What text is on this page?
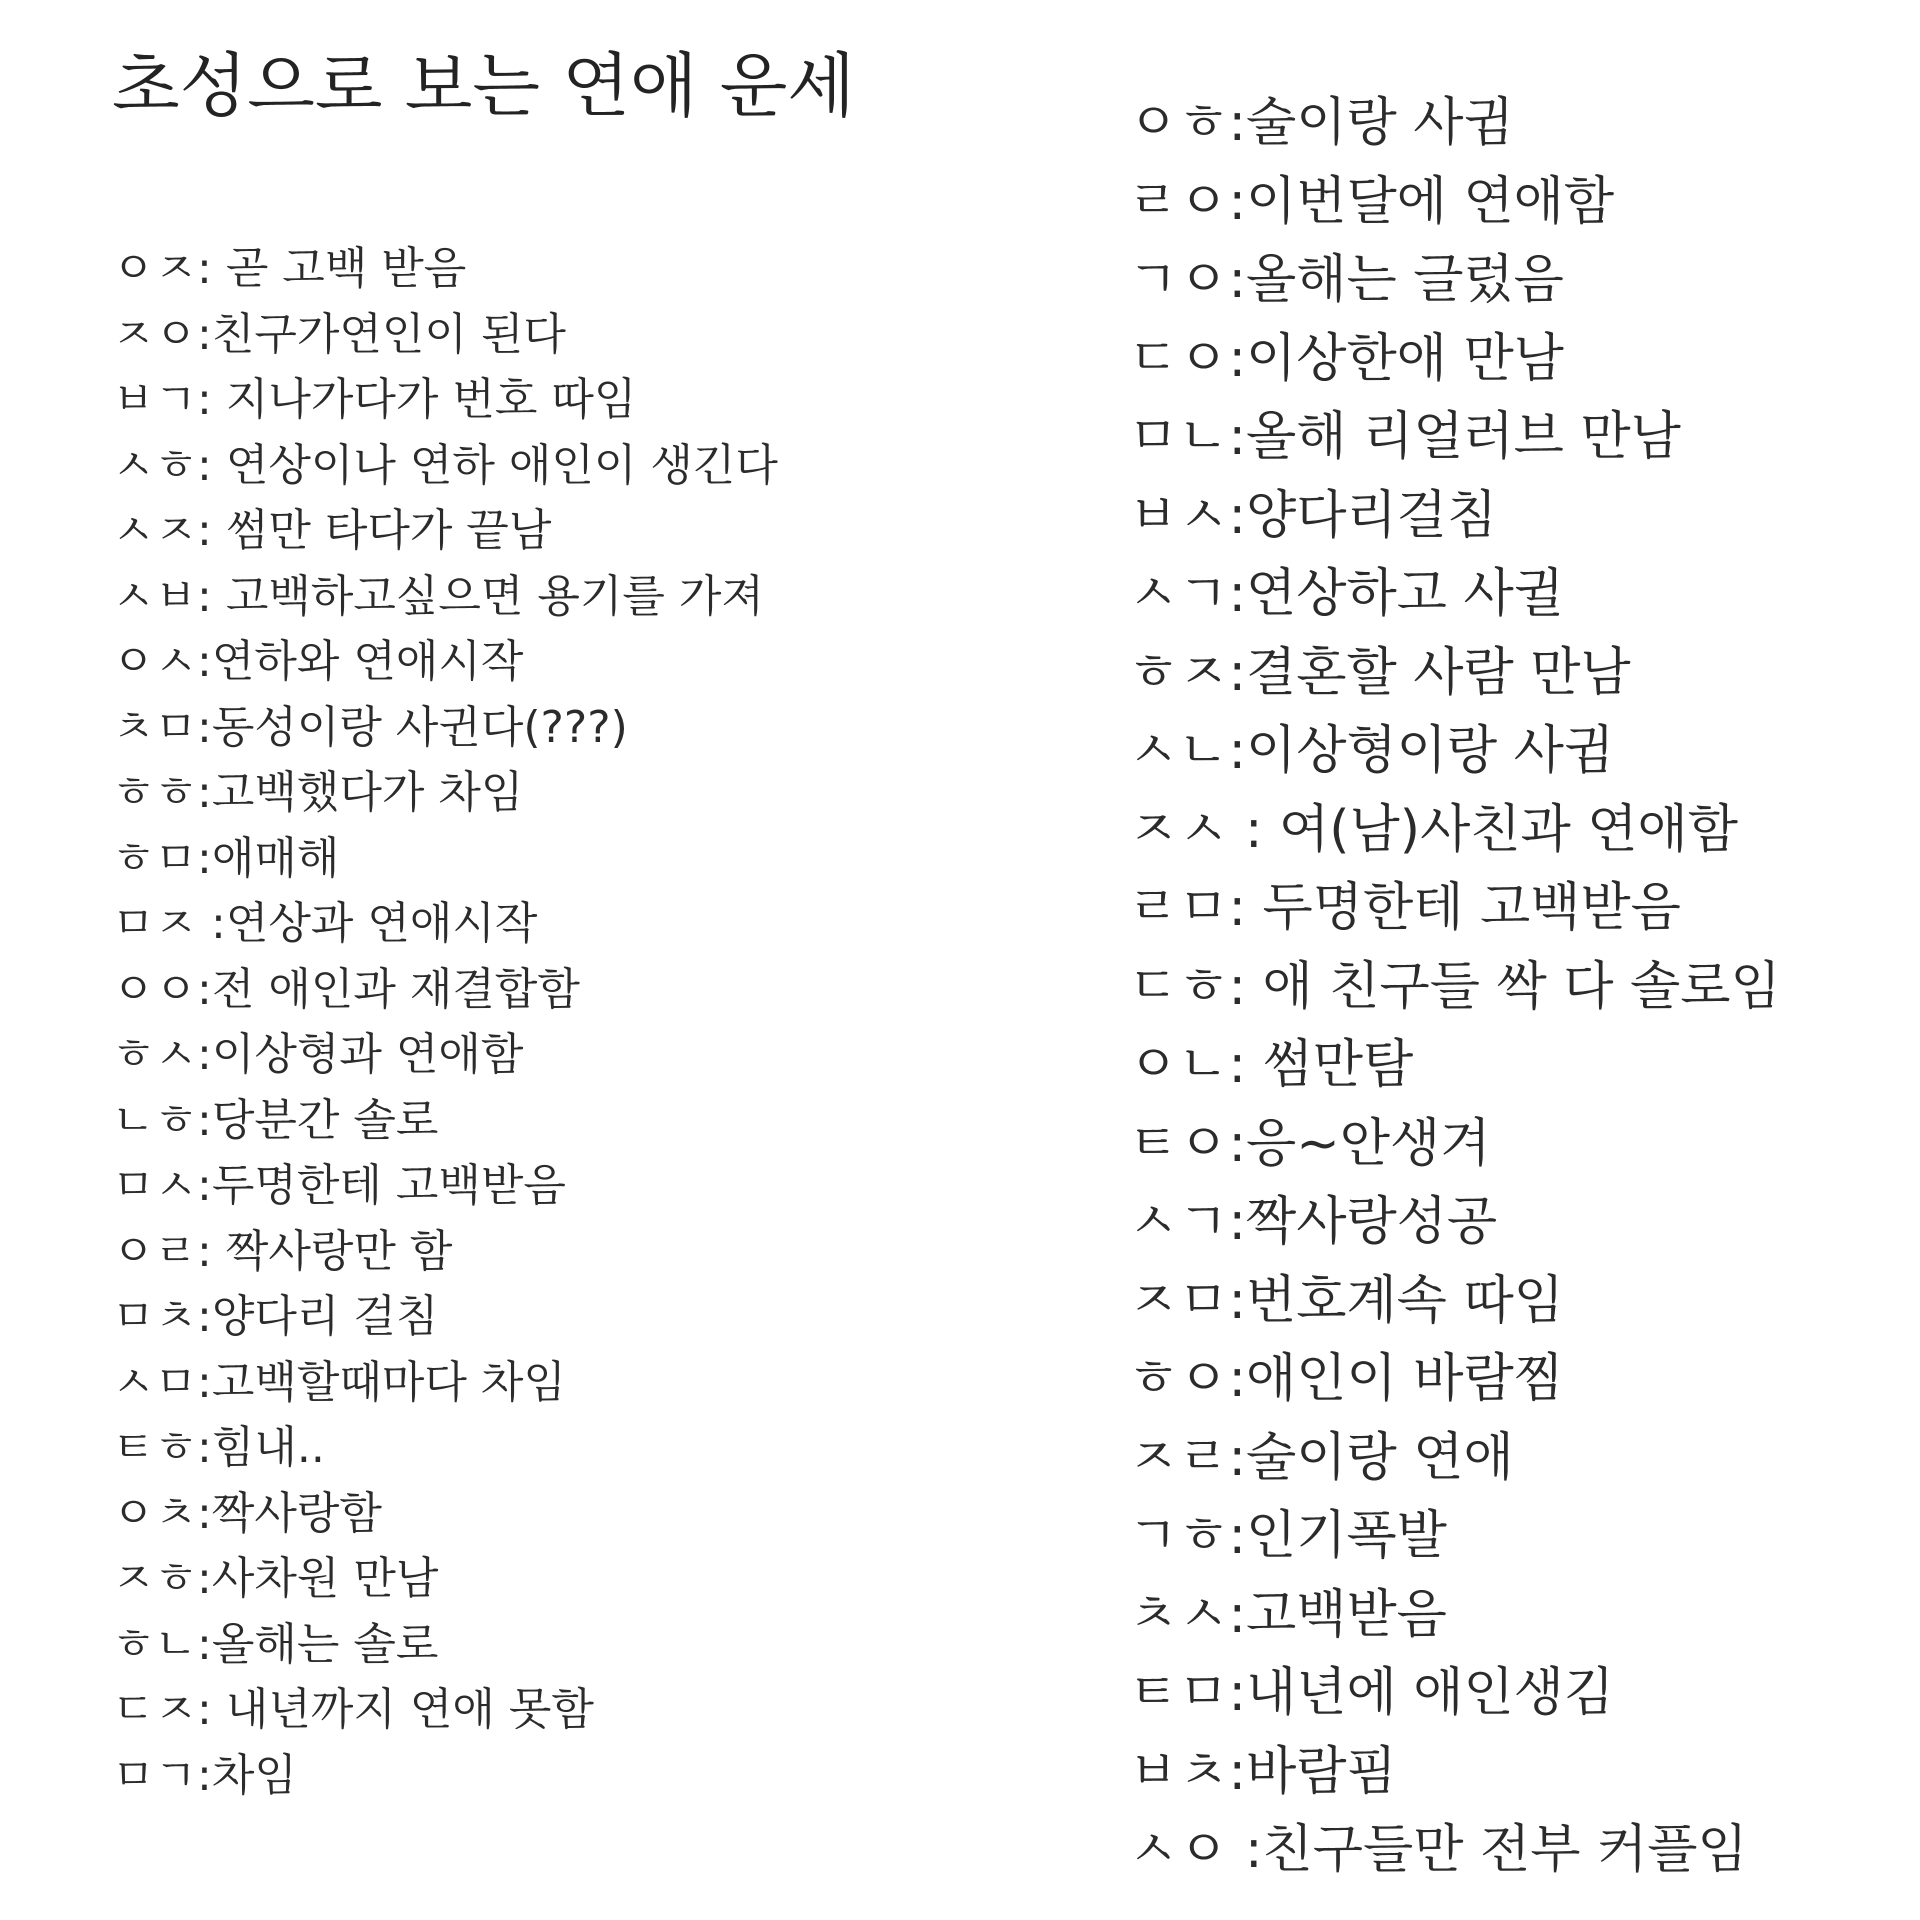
초성으로 보는 연애 운세
ㅇㅈ: 곧 고백 받음
ㅈㅇ:친구가연인이 된다
ㅂㄱ: 지나가다가 번호 따임
ㅅㅎ: 연상이나 연하 애인이 생긴다
ㅅㅈ: 썸만 타다가 끝남
ㅅㅂ: 고백하고싶으면 용기를 가져
ㅇㅅ:연하와 연애시작
ㅊㅁ:동성이랑 사귄다(???)
ㅎㅎ:고백했다가 차임
ㅎㅁ:애매해
ㅁㅈ :연상과 연애시작
ㅇㅇ:전 애인과 재결합함
ㅎㅅ:이상형과 연애함
ㄴㅎ:당분간 솔로
ㅁㅅ:두명한테 고백받음
ㅇㄹ: 짝사랑만 함
ㅁㅊ:양다리 걸침
ㅅㅁ:고백할때마다 차임
ㅌㅎ:힘내..
ㅇㅊ:짝사랑함
ㅈㅎ:사차원 만남
ㅎㄴ:올해는 솔로
ㄷㅈ: 내년까지 연애 못함
ㅁㄱ:차임
ㅇㅎ:술이랑 사귐
ㄹㅇ:이번달에 연애함
ㄱㅇ:올해는 글렀음
ㄷㅇ:이상한애 만남
ㅁㄴ:올해 리얼러브 만남
ㅂㅅ:양다리걸침
ㅅㄱ:연상하고 사귈
ㅎㅈ:결혼할 사람 만남
ㅅㄴ:이상형이랑 사귐
ㅈㅅ : 여(남)사친과 연애함
ㄹㅁ: 두명한테 고백받음
ㄷㅎ: 애 친구들 싹 다 솔로임
ㅇㄴ: 썸만탐
ㅌㅇ:응~안생겨
ㅅㄱ:짝사랑성공
ㅈㅁ:번호계속 따임
ㅎㅇ:애인이 바람찜
ㅈㄹ:술이랑 연애
ㄱㅎ:인기폭발
ㅊㅅ:고백받음
ㅌㅁ:내년에 애인생김
ㅂㅊ:바람핌
ㅅㅇ :친구들만 전부 커플임
